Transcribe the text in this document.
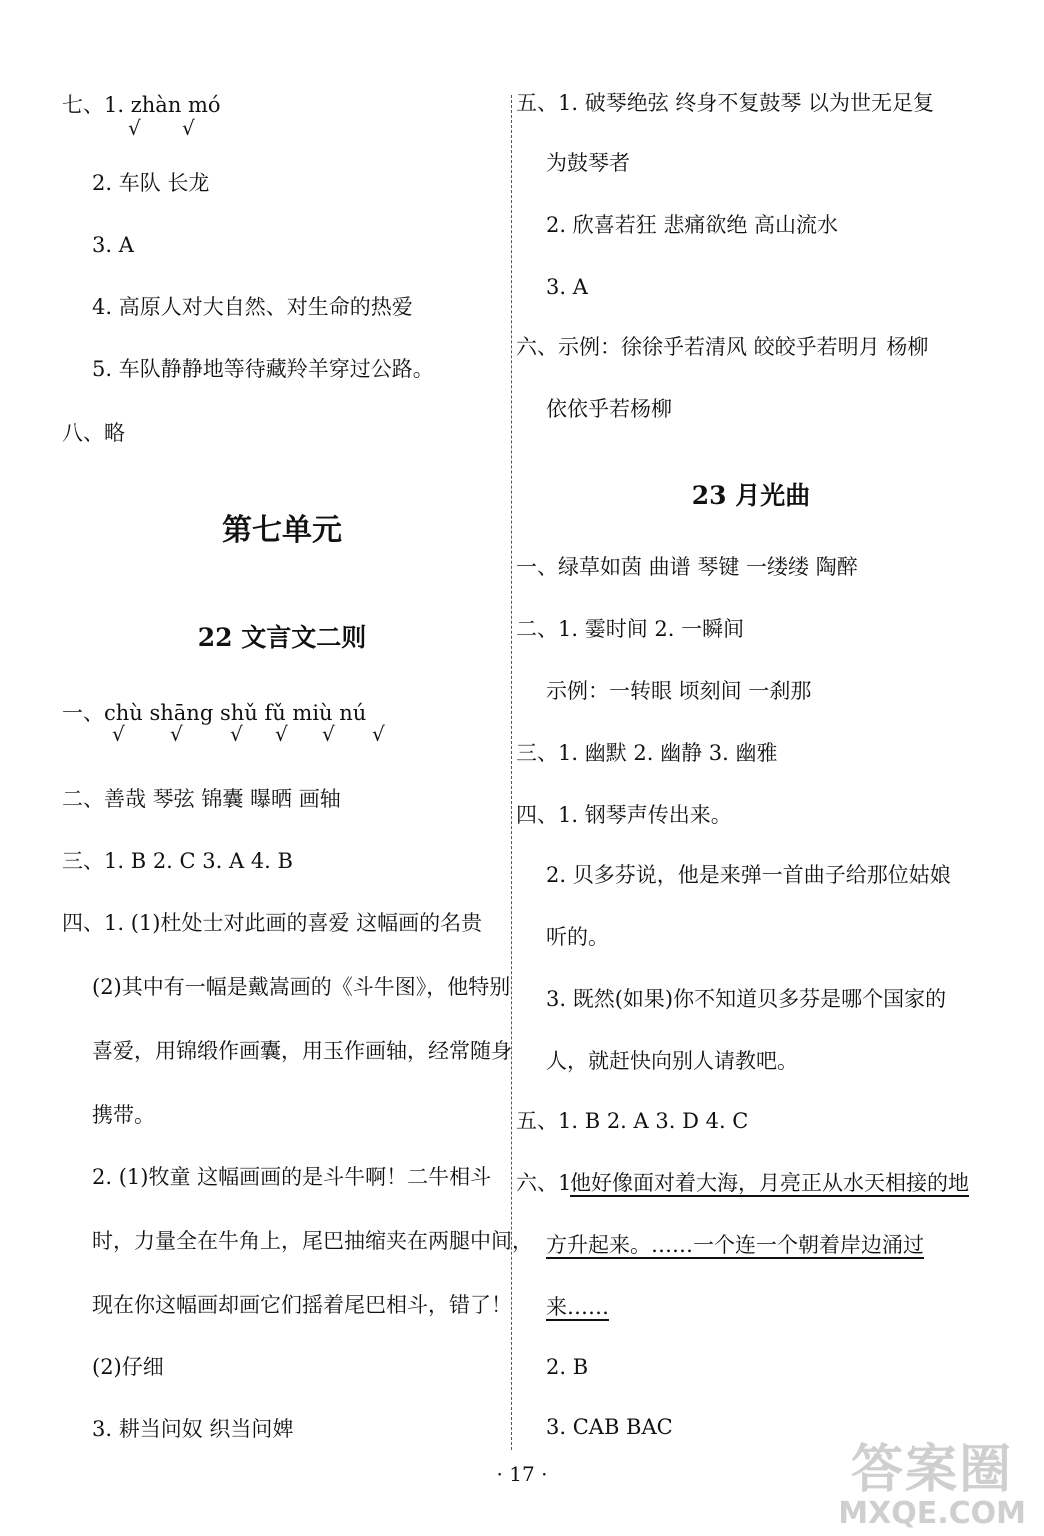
七、1. zhàn mó
√ √
2. 车队 长龙
3. A
4. 高原人对大自然、对生命的热爱
5. 车队静静地等待藏羚羊穿过公路。
八、略
第七单元
22 文言文二则
一、chù shāng shǔ fǔ miù nú
√ √ √ √ √ √
二、善哉 琴弦 锦囊 曝晒 画轴
三、1. B 2. C 3. A 4. B
四、1. (1)杜处士对此画的喜爱 这幅画的名贵
(2)其中有一幅是戴嵩画的《斗牛图》，他特别
喜爱，用锦缎作画囊，用玉作画轴，经常随身
携带。
2. (1)牧童 这幅画画的是斗牛啊！二牛相斗
时，力量全在牛角上，尾巴抽缩夹在两腿中间，
现在你这幅画却画它们摇着尾巴相斗，错了！
(2)仔细
3. 耕当问奴 织当问婢
五、1. 破琴绝弦 终身不复鼓琴 以为世无足复
为鼓琴者
2. 欣喜若狂 悲痛欲绝 高山流水
3. A
六、示例：徐徐乎若清风 皎皎乎若明月 杨柳
依依乎若杨柳
23 月光曲
一、绿草如茵 曲谱 琴键 一缕缕 陶醉
二、1. 霎时间 2. 一瞬间
示例：一转眼 顷刻间 一刹那
三、1. 幽默 2. 幽静 3. 幽雅
四、1. 钢琴声传出来。
2. 贝多芬说，他是来弹一首曲子给那位姑娘
听的。
3. 既然(如果)你不知道贝多芬是哪个国家的
人，就赶快向别人请教吧。
五、1. B 2. A 3. D 4. C
六、1.
他好像面对着大海，月亮正从水天相接的地
方升起来。……一个连一个朝着岸边涌过
来……
2. B
3. CAB BAC
· 17 ·	答案圈
MXQE.COM
